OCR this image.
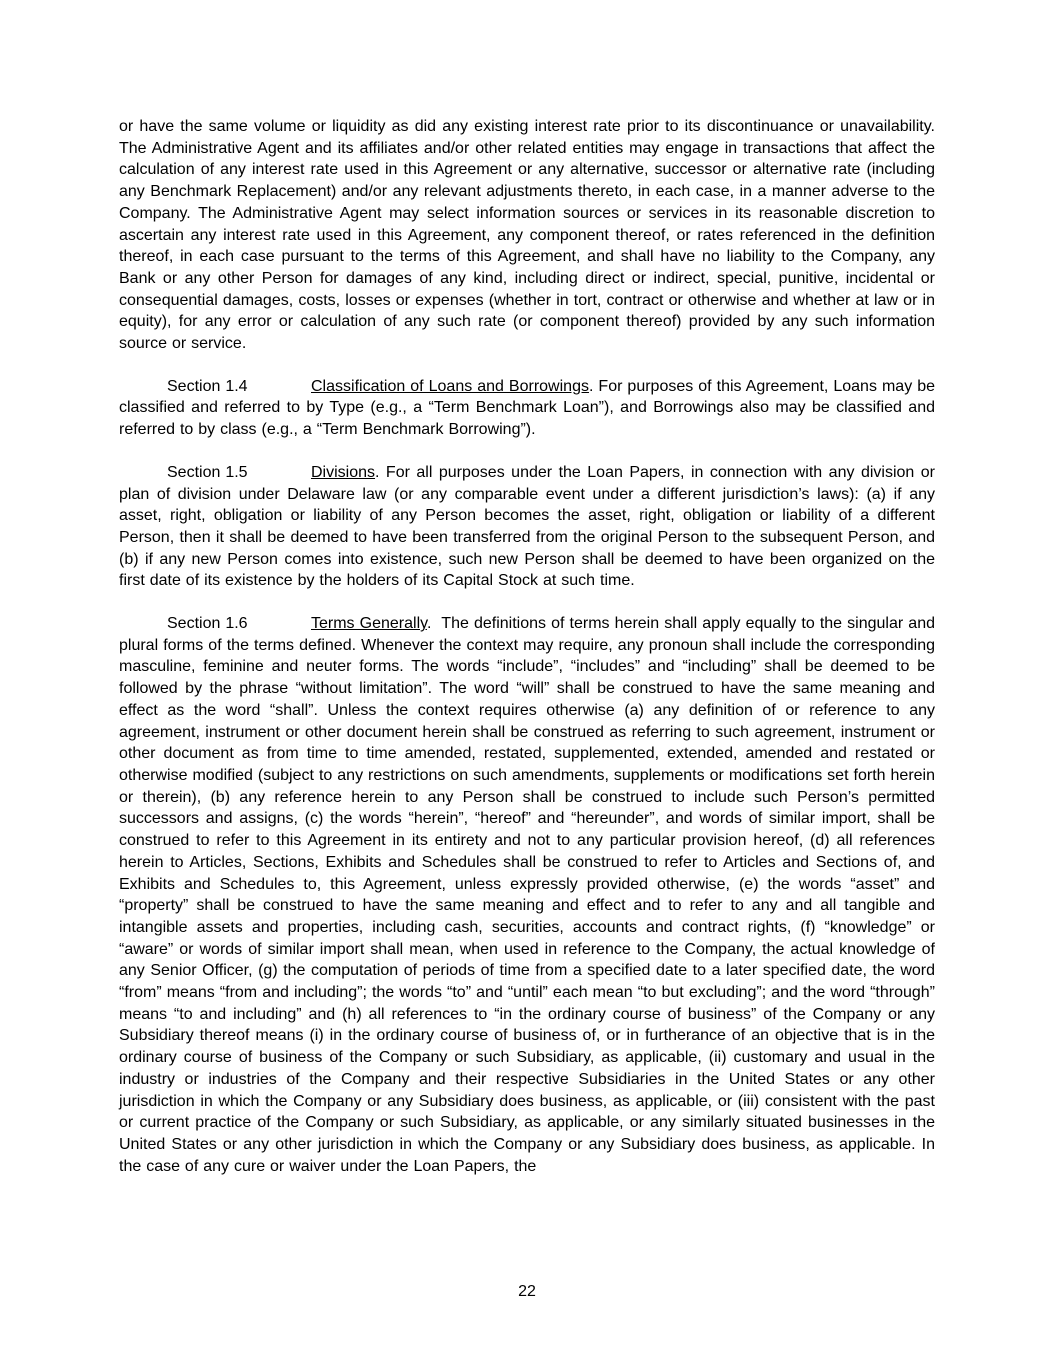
or have the same volume or liquidity as did any existing interest rate prior to its discontinuance or unavailability. The Administrative Agent and its affiliates and/or other related entities may engage in transactions that affect the calculation of any interest rate used in this Agreement or any alternative, successor or alternative rate (including any Benchmark Replacement) and/or any relevant adjustments thereto, in each case, in a manner adverse to the Company. The Administrative Agent may select information sources or services in its reasonable discretion to ascertain any interest rate used in this Agreement, any component thereof, or rates referenced in the definition thereof, in each case pursuant to the terms of this Agreement, and shall have no liability to the Company, any Bank or any other Person for damages of any kind, including direct or indirect, special, punitive, incidental or consequential damages, costs, losses or expenses (whether in tort, contract or otherwise and whether at law or in equity), for any error or calculation of any such rate (or component thereof) provided by any such information source or service.

Section 1.4	Classification of Loans and Borrowings. For purposes of this Agreement, Loans may be classified and referred to by Type (e.g., a “Term Benchmark Loan”), and Borrowings also may be classified and referred to by class (e.g., a “Term Benchmark Borrowing”).

Section 1.5	Divisions. For all purposes under the Loan Papers, in connection with any division or plan of division under Delaware law (or any comparable event under a different jurisdiction’s laws): (a) if any asset, right, obligation or liability of any Person becomes the asset, right, obligation or liability of a different Person, then it shall be deemed to have been transferred from the original Person to the subsequent Person, and (b) if any new Person comes into existence, such new Person shall be deemed to have been organized on the first date of its existence by the holders of its Capital Stock at such time.

Section 1.6	Terms Generally.  The definitions of terms herein shall apply equally to the singular and plural forms of the terms defined. Whenever the context may require, any pronoun shall include the corresponding masculine, feminine and neuter forms. The words “include”, “includes” and “including” shall be deemed to be followed by the phrase “without limitation”. The word “will” shall be construed to have the same meaning and effect as the word “shall”. Unless the context requires otherwise (a) any definition of or reference to any agreement, instrument or other document herein shall be construed as referring to such agreement, instrument or other document as from time to time amended, restated, supplemented, extended, amended and restated or otherwise modified (subject to any restrictions on such amendments, supplements or modifications set forth herein or therein), (b) any reference herein to any Person shall be construed to include such Person’s permitted successors and assigns, (c) the words “herein”, “hereof” and “hereunder”, and words of similar import, shall be construed to refer to this Agreement in its entirety and not to any particular provision hereof, (d) all references herein to Articles, Sections, Exhibits and Schedules shall be construed to refer to Articles and Sections of, and Exhibits and Schedules to, this Agreement, unless expressly provided otherwise, (e) the words “asset” and “property” shall be construed to have the same meaning and effect and to refer to any and all tangible and intangible assets and properties, including cash, securities, accounts and contract rights, (f) “knowledge” or “aware” or words of similar import shall mean, when used in reference to the Company, the actual knowledge of any Senior Officer, (g) the computation of periods of time from a specified date to a later specified date, the word “from” means “from and including”; the words “to” and “until” each mean “to but excluding”; and the word “through” means “to and including” and (h) all references to “in the ordinary course of business” of the Company or any Subsidiary thereof means (i) in the ordinary course of business of, or in furtherance of an objective that is in the ordinary course of business of the Company or such Subsidiary, as applicable, (ii) customary and usual in the industry or industries of the Company and their respective Subsidiaries in the United States or any other jurisdiction in which the Company or any Subsidiary does business, as applicable, or (iii) consistent with the past or current practice of the Company or such Subsidiary, as applicable, or any similarly situated businesses in the United States or any other jurisdiction in which the Company or any Subsidiary does business, as applicable. In the case of any cure or waiver under the Loan Papers, the

22
